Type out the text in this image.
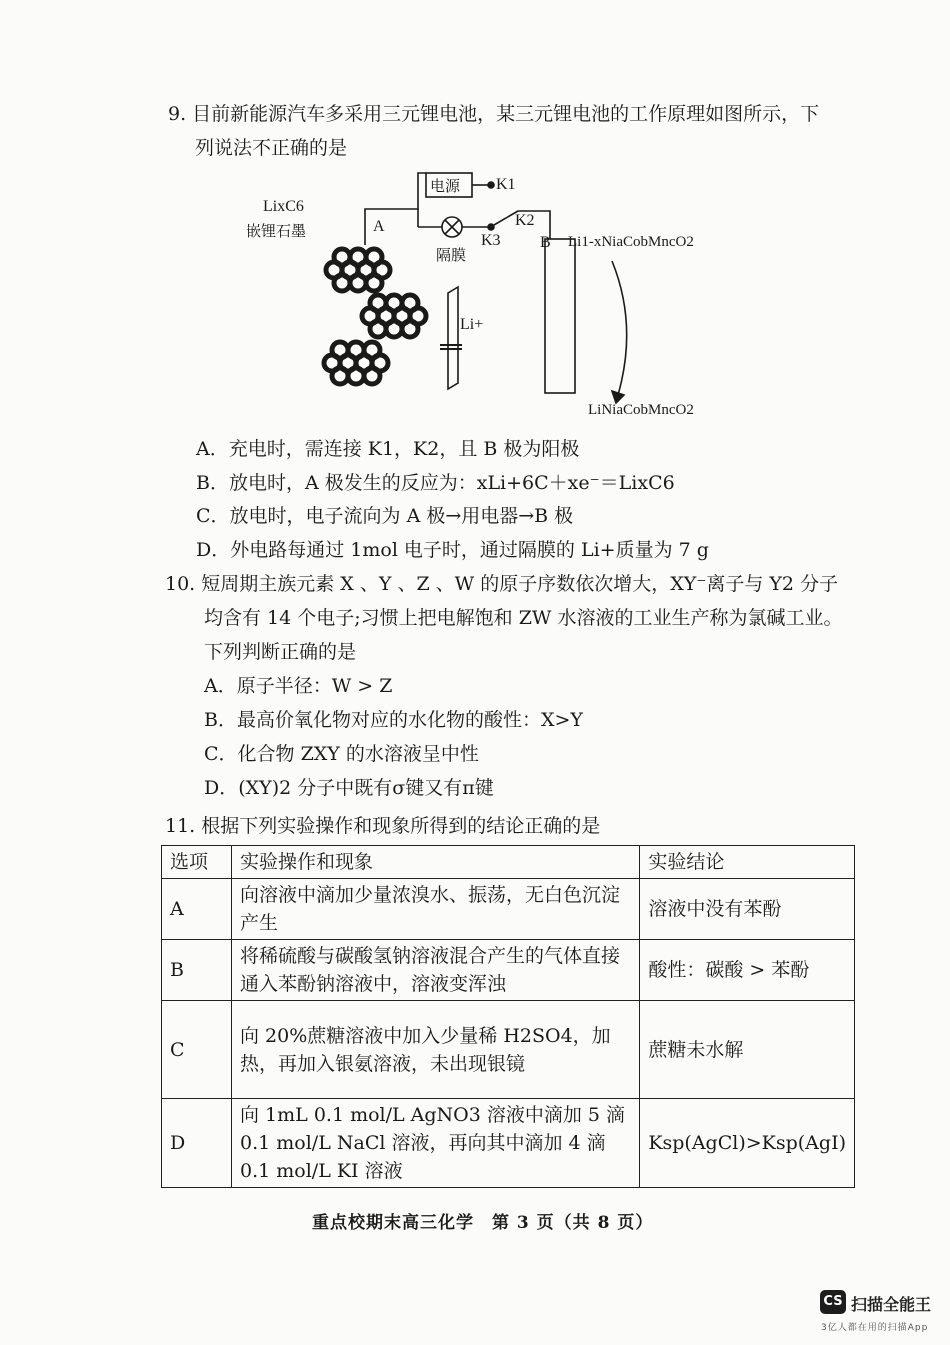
9. 目前新能源汽车多采用三元锂电池，某三元锂电池的工作原理如图所示，下
列说法不正确的是
LixC6
嵌锂石墨	A
B
电源 K1
K2
K3
隔膜
Li+
Li1-xNiaCobMncO2
LiNiaCobMncO2
A．充电时，需连接 K1，K2，且 B 极为阳极
B．放电时，A 极发生的反应为：xLi+6C＋xe⁻＝LixC6
C．放电时，电子流向为 A 极→用电器→B 极
D．外电路每通过 1mol 电子时，通过隔膜的 Li+质量为 7 g
10. 短周期主族元素 X 、Y 、Z 、W 的原子序数依次增大，XY⁻离子与 Y2 分子
均含有 14 个电子;习惯上把电解饱和 ZW 水溶液的工业生产称为氯碱工业。
下列判断正确的是
A．原子半径：W > Z
B．最高价氧化物对应的水化物的酸性：X>Y
C．化合物 ZXY 的水溶液呈中性
D．(XY)2 分子中既有σ键又有π键
11. 根据下列实验操作和现象所得到的结论正确的是
选项	实验操作和现象	实验结论
A	向溶液中滴加少量浓溴水、振荡，无白色沉淀产生	溶液中没有苯酚
B	将稀硫酸与碳酸氢钠溶液混合产生的气体直接通入苯酚钠溶液中，溶液变浑浊	酸性：碳酸 > 苯酚
C	向 20%蔗糖溶液中加入少量稀 H2SO4，加热，再加入银氨溶液，未出现银镜	蔗糖未水解
D	向 1mL 0.1 mol/L AgNO3 溶液中滴加 5 滴 0.1 mol/L NaCl 溶液，再向其中滴加 4 滴 0.1 mol/L KI 溶液	Ksp(AgCl)>Ksp(AgI)
重点校期末高三化学　第 3 页（共 8 页）
CS 扫描全能王
3亿人都在用的扫描App
